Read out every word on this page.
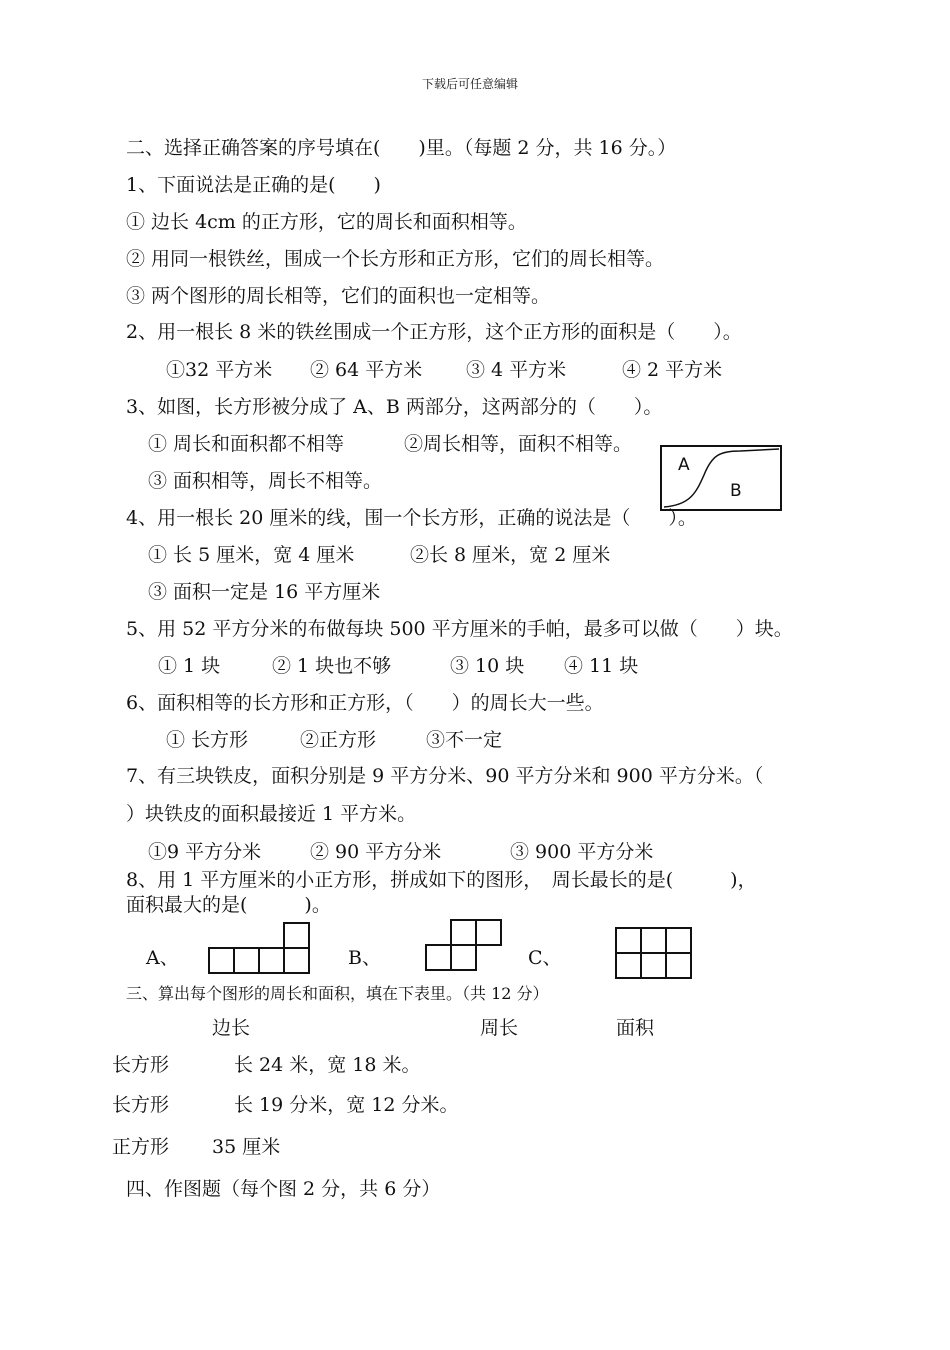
下载后可任意编辑
二、选择正确答案的序号填在(　　)里。（每题 2 分，共 16 分。）
1、下面说法是正确的是(　　)
① 边长 4cm 的正方形，它的周长和面积相等。
② 用同一根铁丝，围成一个长方形和正方形，它们的周长相等。
③ 两个图形的周长相等，它们的面积也一定相等。
2、用一根长 8 米的铁丝围成一个正方形，这个正方形的面积是（　　）。
①32 平方米 ② 64 平方米 ③ 4 平方米	④ 2 平方米
3、如图，长方形被分成了 A、B 两部分，这两部分的（　　）。
① 周长和面积都不相等	②周长相等，面积不相等。
③ 面积相等，周长不相等。
A
B
4、用一根长 20 厘米的线，围一个长方形，正确的说法是（　　）。
① 长 5 厘米，宽 4 厘米	②长 8 厘米，宽 2 厘米
③ 面积一定是 16 平方厘米
5、用 52 平方分米的布做每块 500 平方厘米的手帕，最多可以做（　　）块。
① 1 块	② 1 块也不够	③ 10 块 ④ 11 块
6、面积相等的长方形和正方形，（　　）的周长大一些。
① 长方形	②正方形	③不一定
7、有三块铁皮，面积分别是 9 平方分米、90 平方分米和 900 平方分米。（
）块铁皮的面积最接近 1 平方米。
①9 平方分米	② 90 平方分米	③ 900 平方分米
8、用 1 平方厘米的小正方形，拼成如下的图形，　周长最长的是(　　　)，
面积最大的是(　　　)。
A、	B、	C、
三、算出每个图形的周长和面积，填在下表里。（共 12 分）
边长	周长	面积
长方形	长 24 米，宽 18 米。
长方形	长 19 分米，宽 12 分米。
正方形 35 厘米
四、作图题（每个图 2 分，共 6 分）
